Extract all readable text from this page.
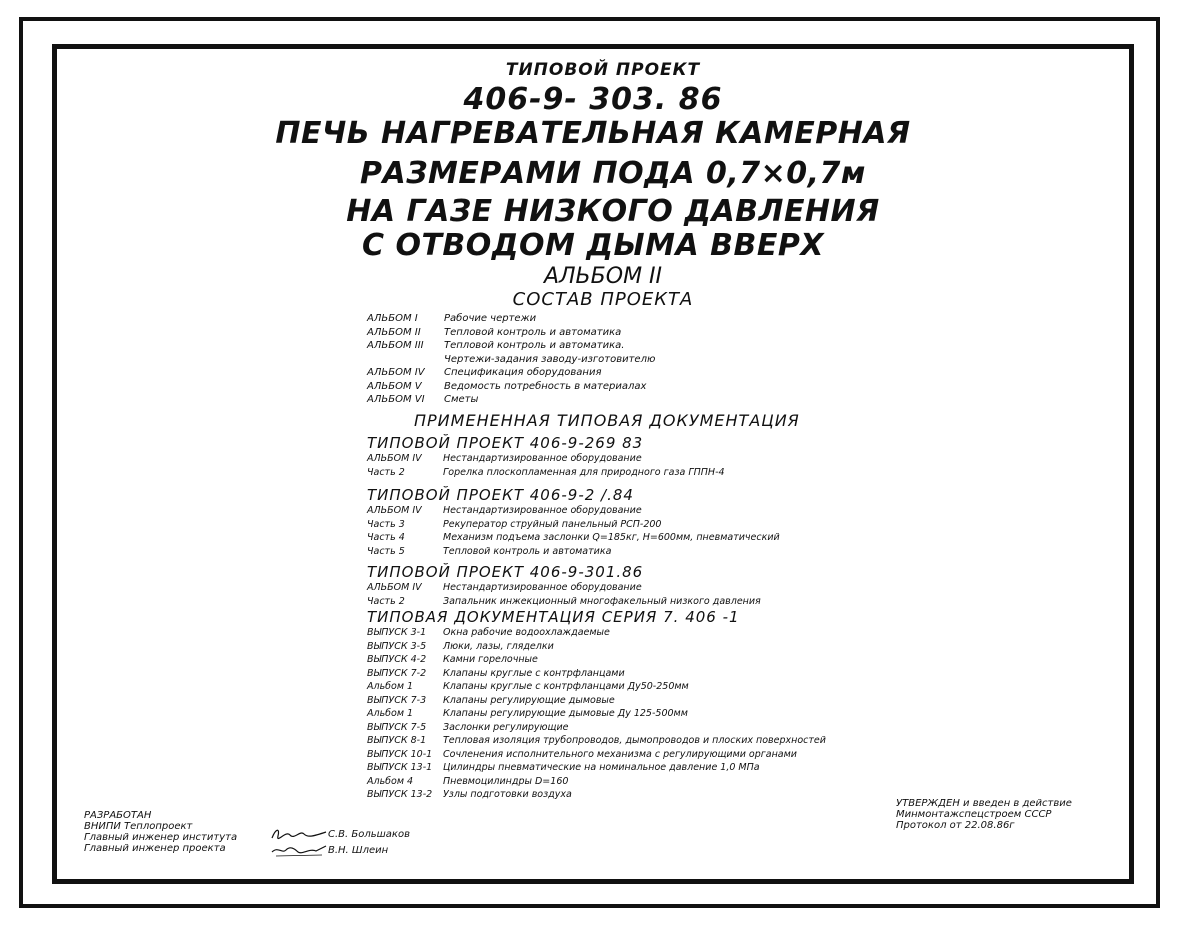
ТИПОВОЙ ПРОЕКТ
406-9- 303. 86
ПЕЧЬ НАГРЕВАТЕЛЬНАЯ КАМЕРНАЯ
РАЗМЕРАМИ ПОДА 0,7×0,7м
НА ГАЗЕ НИЗКОГО ДАВЛЕНИЯ
С ОТВОДОМ ДЫМА ВВЕРХ
АЛЬБОМ II
СОСТАВ ПРОЕКТА
АЛЬБОМ I	Рабочие чертежи
АЛЬБОМ II	Тепловой контроль и автоматика
АЛЬБОМ III	Тепловой контроль и автоматика.
Чертежи-задания заводу-изготовителю
АЛЬБОМ IV	Спецификация оборудования
АЛЬБОМ V	Ведомость потребность в материалах
АЛЬБОМ VI	Сметы
ПРИМЕНЕННАЯ ТИПОВАЯ ДОКУМЕНТАЦИЯ
ТИПОВОЙ ПРОЕКТ 406-9-269 83
АЛЬБОМ IV	Нестандартизированное оборудование
Часть 2	Горелка плоскопламенная для природного газа ГППН-4
ТИПОВОЙ ПРОЕКТ 406-9-2 /.84
АЛЬБОМ IV	Нестандартизированное оборудование
Часть 3	Рекуператор струйный панельный РСП-200
Часть 4	Механизм подъема заслонки Q=185кг, Н=600мм, пневматический
Часть 5	Тепловой контроль и автоматика
ТИПОВОЙ ПРОЕКТ 406-9-301.86
АЛЬБОМ IV	Нестандартизированное оборудование
Часть 2	Запальник инжекционный многофакельный низкого давления
ТИПОВАЯ ДОКУМЕНТАЦИЯ СЕРИЯ 7. 406 -1
ВЫПУСК 3-1	Окна рабочие водоохлаждаемые
ВЫПУСК 3-5	Люки, лазы, гляделки
ВЫПУСК 4-2	Камни горелочные
ВЫПУСК 7-2	Клапаны круглые с контрфланцами
Альбом 1	Клапаны круглые с контрфланцами Ду50-250мм
ВЫПУСК 7-3	Клапаны регулирующие дымовые
Альбом 1	Клапаны регулирующие дымовые Ду 125-500мм
ВЫПУСК 7-5	Заслонки регулирующие
ВЫПУСК 8-1	Тепловая изоляция трубопроводов, дымопроводов и плоских поверхностей
ВЫПУСК 10-1	Сочленения исполнительного механизма с регулирующими органами
ВЫПУСК 13-1	Цилиндры пневматические на номинальное давление 1,0 МПа
Альбом 4	Пневмоцилиндры D=160
ВЫПУСК 13-2	Узлы подготовки воздуха
РАЗРАБОТАН
ВНИПИ Теплопроект
Главный инженер института
Главный инженер проекта
С.В. Большаков
В.Н. Шлеин
УТВЕРЖДЕН и введен в действие
Минмонтажспецстроем СССР
Протокол от 22.08.86г
